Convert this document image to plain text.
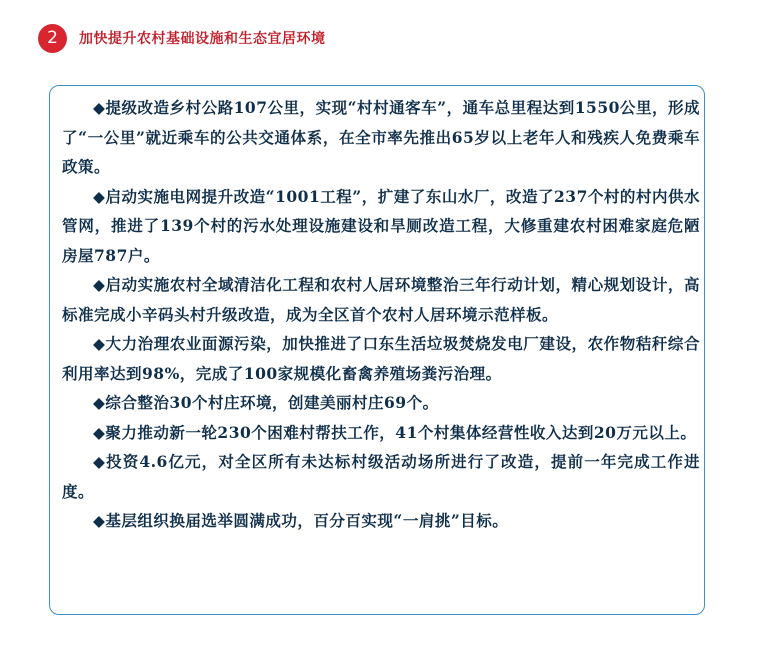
2	加快提升农村基础设施和生态宜居环境

◆提级改造乡村公路107公里，实现“村村通客车”，通车总里程达到1550公里，形成了“一公里”就近乘车的公共交通体系，在全市率先推出65岁以上老年人和残疾人免费乘车政策。

◆启动实施电网提升改造“1001工程”，扩建了东山水厂，改造了237个村的村内供水管网，推进了139个村的污水处理设施建设和旱厕改造工程，大修重建农村困难家庭危陋房屋787户。

◆启动实施农村全域清洁化工程和农村人居环境整治三年行动计划，精心规划设计，高标准完成小辛码头村升级改造，成为全区首个农村人居环境示范样板。

◆大力治理农业面源污染，加快推进了口东生活垃圾焚烧发电厂建设，农作物秸秆综合利用率达到98%，完成了100家规模化畜禽养殖场粪污治理。

◆综合整治30个村庄环境，创建美丽村庄69个。

◆聚力推动新一轮230个困难村帮扶工作，41个村集体经营性收入达到20万元以上。

◆投资4.6亿元，对全区所有未达标村级活动场所进行了改造，提前一年完成工作进度。

◆基层组织换届选举圆满成功，百分百实现“一肩挑”目标。
